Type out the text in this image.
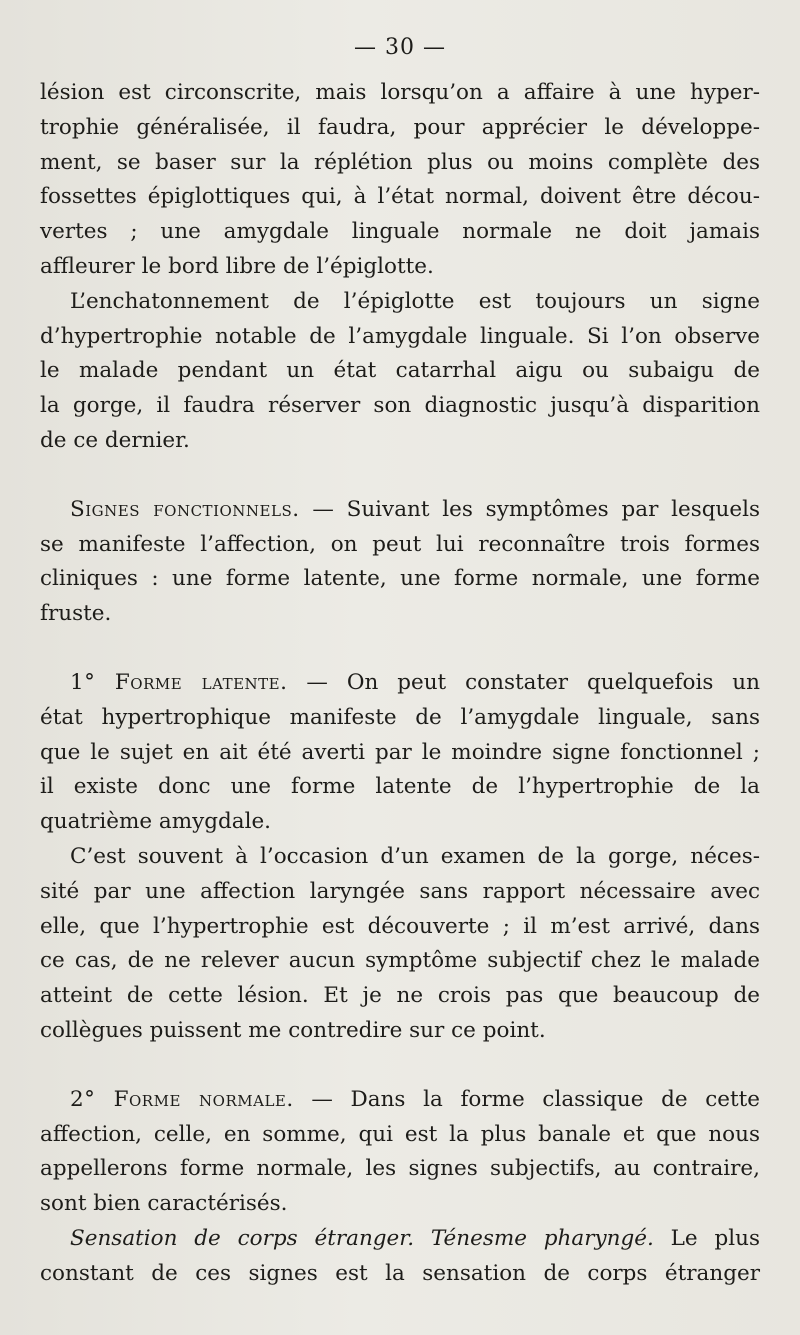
— 30 —
lésion est circonscrite, mais lorsqu’on a affaire à une hyper-
trophie généralisée, il faudra, pour apprécier le développe-
ment, se baser sur la réplétion plus ou moins complète des
fossettes épiglottiques qui, à l’état normal, doivent être décou-
vertes ; une amygdale linguale normale ne doit jamais
affleurer le bord libre de l’épiglotte.
L’enchatonnement de l’épiglotte est toujours un signe
d’hypertrophie notable de l’amygdale linguale. Si l’on observe
le malade pendant un état catarrhal aigu ou subaigu de
la gorge, il faudra réserver son diagnostic jusqu’à disparition
de ce dernier.
Signes fonctionnels. — Suivant les symptômes par lesquels
se manifeste l’affection, on peut lui reconnaître trois formes
cliniques : une forme latente, une forme normale, une forme
fruste.
1° Forme latente. — On peut constater quelquefois un
état hypertrophique manifeste de l’amygdale linguale, sans
que le sujet en ait été averti par le moindre signe fonctionnel ;
il existe donc une forme latente de l’hypertrophie de la
quatrième amygdale.
C’est souvent à l’occasion d’un examen de la gorge, néces-
sité par une affection laryngée sans rapport nécessaire avec
elle, que l’hypertrophie est découverte ; il m’est arrivé, dans
ce cas, de ne relever aucun symptôme subjectif chez le malade
atteint de cette lésion. Et je ne crois pas que beaucoup de
collègues puissent me contredire sur ce point.
2° Forme normale. — Dans la forme classique de cette
affection, celle, en somme, qui est la plus banale et que nous
appellerons forme normale, les signes subjectifs, au contraire,
sont bien caractérisés.
Sensation de corps étranger. Ténesme pharyngé. Le plus
constant de ces signes est la sensation de corps étranger
